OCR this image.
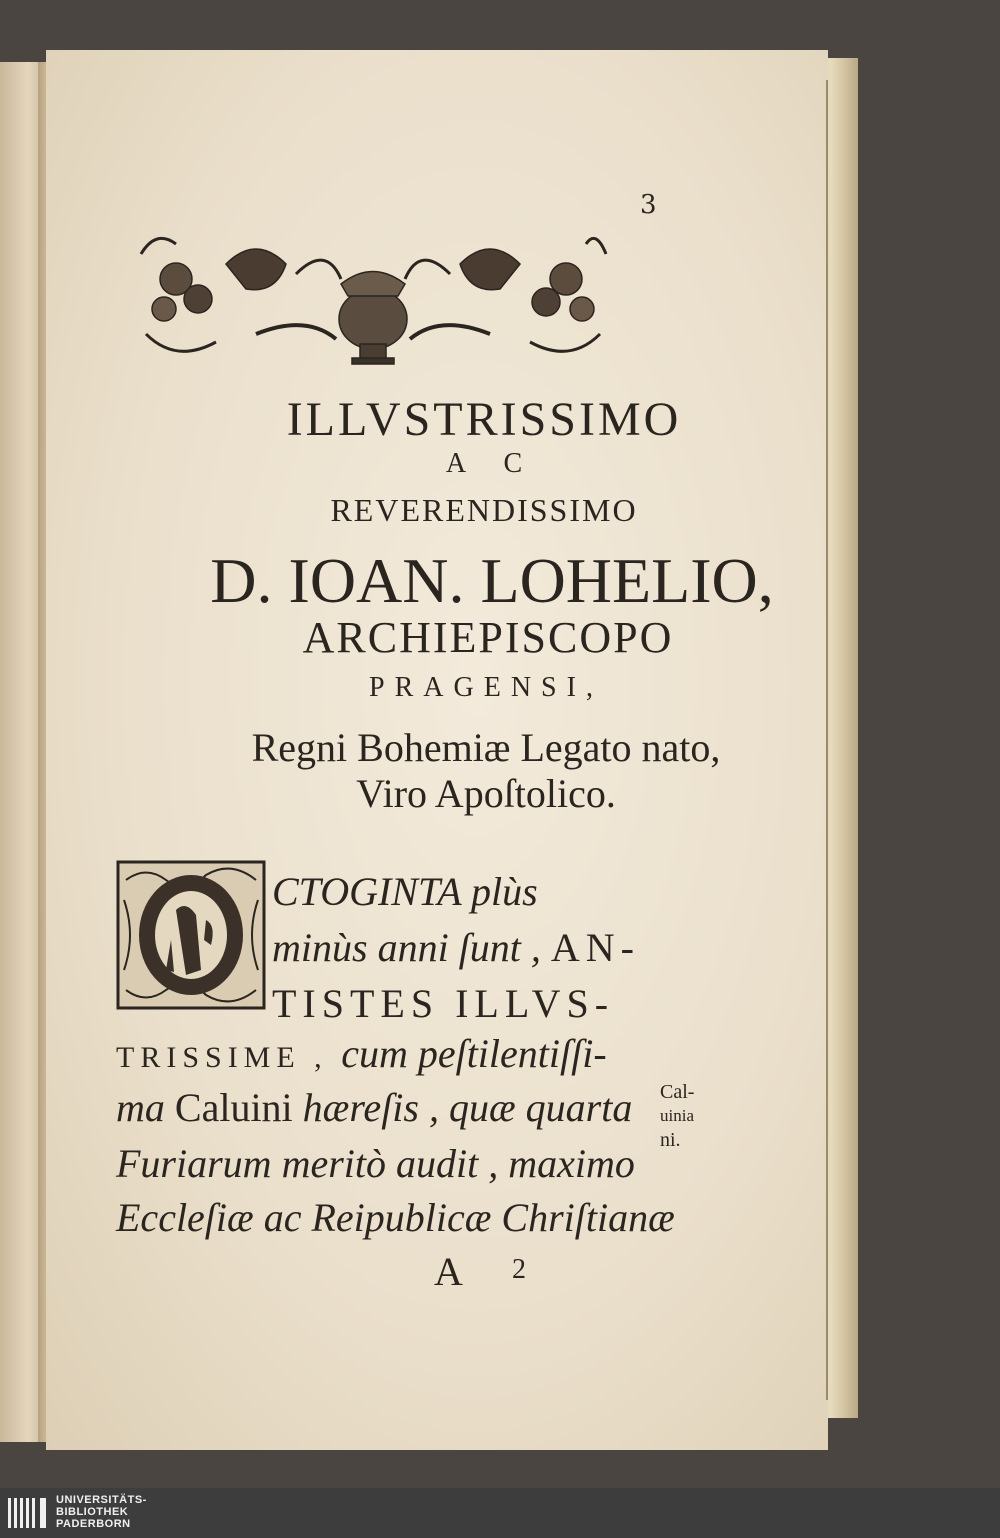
3
ILLVSTRISSIMO
A C
REVERENDISSIMO
D. IOAN. LOHELIO,
ARCHIEPISCOPO
PRAGENSI,
Regni Bohemiæ Legato nato,
Viro Apoſtolico.
CTOGINTA plùs
minùs anni ſunt , AN-
TISTES ILLVS-
TRISSIME , cum peſtilentiſſi-
ma Caluini hæreſis , quæ quarta
Furiarum meritò audit , maximo
Eccleſiæ ac Reipublicæ Chriſtianæ
Cal-
uinia
ni.
A 2
UNIVERSITÄTS-
BIBLIOTHEK
PADERBORN
